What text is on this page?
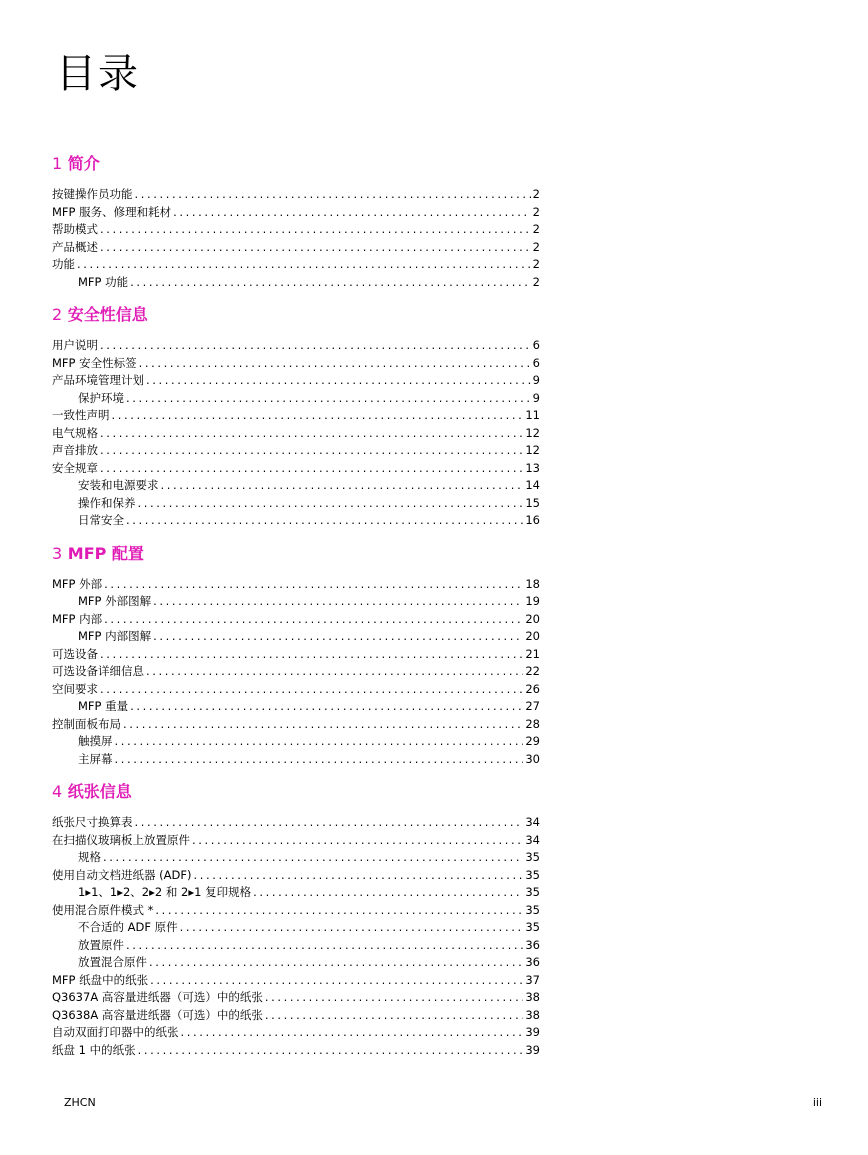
目录
1 简介
按键操作员功能 .....	2
MFP 服务、修理和耗材 .....	2
帮助模式 .....	2
产品概述 .....	2
功能 .....	2
MFP 功能 .....	2
2 安全性信息
用户说明 .....	6
MFP 安全性标签 .....	6
产品环境管理计划 .....	9
保护环境 .....	9
一致性声明 .....	11
电气规格 .....	12
声音排放 .....	12
安全规章 .....	13
安装和电源要求 .....	14
操作和保养 .....	15
日常安全 .....	16
3 MFP 配置
MFP 外部 .....	18
MFP 外部图解 .....	19
MFP 内部 .....	20
MFP 内部图解 .....	20
可选设备 .....	21
可选设备详细信息 .....	22
空间要求 .....	26
MFP 重量 .....	27
控制面板布局 .....	28
触摸屏 .....	29
主屏幕 .....	30
4 纸张信息
纸张尺寸换算表 .....	34
在扫描仪玻璃板上放置原件 .....	34
规格 .....	35
使用自动文档进纸器 (ADF) .....	35
1▸1、1▸2、2▸2 和 2▸1 复印规格 .....	35
使用混合原件模式 * .....	35
不合适的 ADF 原件 .....	35
放置原件 .....	36
放置混合原件 .....	36
MFP 纸盘中的纸张 .....	37
Q3637A 高容量进纸器（可选）中的纸张 .....	38
Q3638A 高容量进纸器（可选）中的纸张 .....	38
自动双面打印器中的纸张 .....	39
纸盘 1 中的纸张 .....	39
ZHCN	iii
